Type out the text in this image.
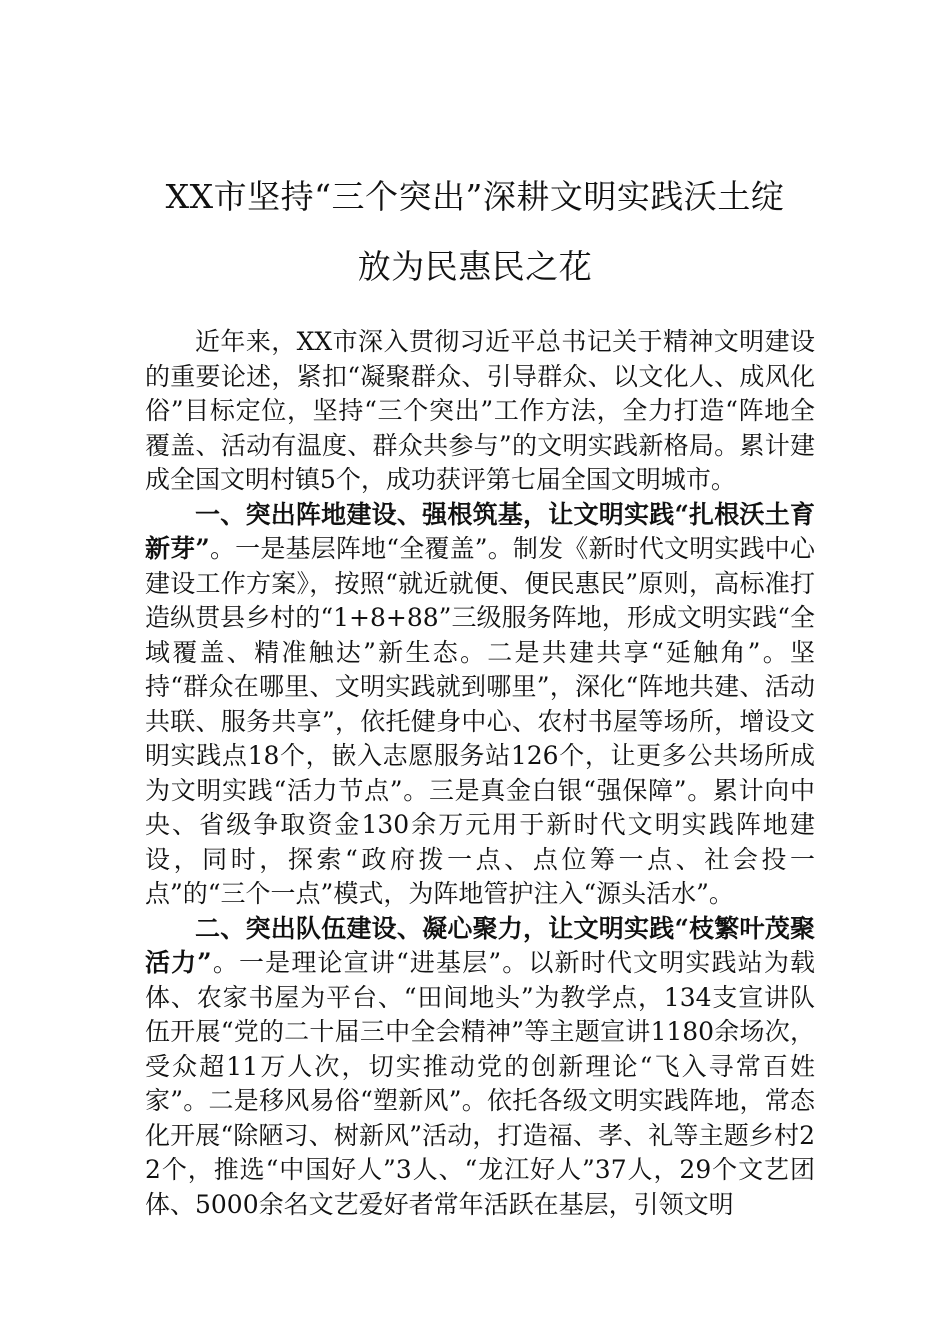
XX市坚持“三个突出”深耕文明实践沃土绽
放为民惠民之花

近年来，XX市深入贯彻习近平总书记关于精神文明建设的重要论述，紧扣“凝聚群众、引导群众、以文化人、成风化俗”目标定位，坚持“三个突出”工作方法，全力打造“阵地全覆盖、活动有温度、群众共参与”的文明实践新格局。累计建成全国文明村镇5个，成功获评第七届全国文明城市。

一、突出阵地建设、强根筑基，让文明实践“扎根沃土育新芽”。一是基层阵地“全覆盖”。制发《新时代文明实践中心建设工作方案》，按照“就近就便、便民惠民”原则，高标准打造纵贯县乡村的“1+8+88”三级服务阵地，形成文明实践“全域覆盖、精准触达”新生态。二是共建共享“延触角”。坚持“群众在哪里、文明实践就到哪里”，深化“阵地共建、活动共联、服务共享”，依托健身中心、农村书屋等场所，增设文明实践点18个，嵌入志愿服务站126个，让更多公共场所成为文明实践“活力节点”。三是真金白银“强保障”。累计向中央、省级争取资金130余万元用于新时代文明实践阵地建设，同时，探索“政府拨一点、点位筹一点、社会投一点”的“三个一点”模式，为阵地管护注入“源头活水”。

二、突出队伍建设、凝心聚力，让文明实践“枝繁叶茂聚活力”。一是理论宣讲“进基层”。以新时代文明实践站为载体、农家书屋为平台、“田间地头”为教学点，134支宣讲队伍开展“党的二十届三中全会精神”等主题宣讲1180余场次，受众超11万人次，切实推动党的创新理论“飞入寻常百姓家”。二是移风易俗“塑新风”。依托各级文明实践阵地，常态化开展“除陋习、树新风”活动，打造福、孝、礼等主题乡村22个，推选“中国好人”3人、“龙江好人”37人，29个文艺团体、5000余名文艺爱好者常年活跃在基层，引领文明
